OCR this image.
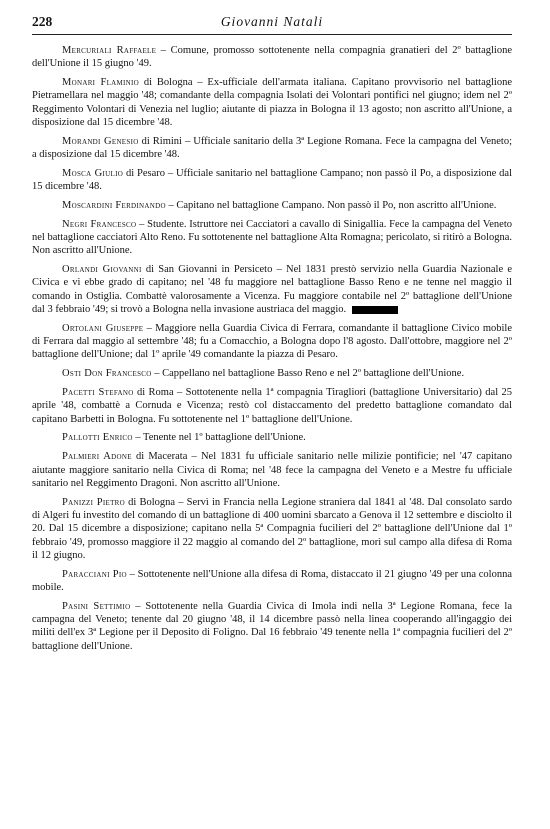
228	Giovanni Natali

Mercuriali Raffaele – Comune, promosso sottotenente nella compagnia granatieri del 2º battaglione dell'Unione il 15 giugno '49.

Monari Flaminio di Bologna – Ex-ufficiale dell'armata italiana. Capitano provvisorio nel battaglione Pietramellara nel maggio '48; comandante della compagnia Isolati dei Volontari pontifici nel giugno; idem nel 2º Reggimento Volontari di Venezia nel luglio; aiutante di piazza in Bologna il 13 agosto; non ascritto all'Unione, a disposizione dal 15 dicembre '48.

Morandi Genesio di Rimini – Ufficiale sanitario della 3ª Legione Romana. Fece la campagna del Veneto; a disposizione dal 15 dicembre '48.

Mosca Giulio di Pesaro – Ufficiale sanitario nel battaglione Campano; non passò il Po, a disposizione dal 15 dicembre '48.

Moscardini Ferdinando – Capitano nel battaglione Campano. Non passò il Po, non ascritto all'Unione.

Negri Francesco – Studente. Istruttore nei Cacciatori a cavallo di Sinigallia. Fece la campagna del Veneto nel battaglione cacciatori Alto Reno. Fu sottotenente nel battaglione Alta Romagna; pericolato, si ritirò a Bologna. Non ascritto all'Unione.

Orlandi Giovanni di San Giovanni in Persiceto – Nel 1831 prestò servizio nella Guardia Nazionale e Civica e vi ebbe grado di capitano; nel '48 fu maggiore nel battaglione Basso Reno e ne tenne nel maggio il comando in Ostiglia. Combattè valorosamente a Vicenza. Fu maggiore contabile nel 2º battaglione dell'Unione dal 3 febbraio '49; si trovò a Bologna nella invasione austriaca del maggio.

Ortolani Giuseppe – Maggiore nella Guardia Civica di Ferrara, comandante il battaglione Civico mobile di Ferrara dal maggio al settembre '48; fu a Comacchio, a Bologna dopo l'8 agosto. Dall'ottobre, maggiore nel 2º battaglione dell'Unione; dal 1º aprile '49 comandante la piazza di Pesaro.

Osti Don Francesco – Cappellano nel battaglione Basso Reno e nel 2º battaglione dell'Unione.

Pacetti Stefano di Roma – Sottotenente nella 1ª compagnia Tiragliori (battaglione Universitario) dal 25 aprile '48, combattè a Cornuda e Vicenza; restò col distaccamento del predetto battaglione comandato dal capitano Barbetti in Bologna. Fu sottotenente nel 1º battaglione dell'Unione.

Pallotti Enrico – Tenente nel 1º battaglione dell'Unione.

Palmieri Adone di Macerata – Nel 1831 fu ufficiale sanitario nelle milizie pontificie; nel '47 capitano aiutante maggiore sanitario nella Civica di Roma; nel '48 fece la campagna del Veneto e a Mestre fu ufficiale sanitario nel Reggimento Dragoni. Non ascritto all'Unione.

Panizzi Pietro di Bologna – Servì in Francia nella Legione straniera dal 1841 al '48. Dal consolato sardo di Algeri fu investito del comando di un battaglione di 400 uomini sbarcato a Genova il 12 settembre e disciolto il 20. Dal 15 dicembre a disposizione; capitano nella 5ª Compagnia fucilieri del 2º battaglione dell'Unione dal 1º febbraio '49, promosso maggiore il 22 maggio al comando del 2º battaglione, morì sul campo alla difesa di Roma il 12 giugno.

Paracciani Pio – Sottotenente nell'Unione alla difesa di Roma, distaccato il 21 giugno '49 per una colonna mobile.

Pasini Settimio – Sottotenente nella Guardia Civica di Imola indi nella 3ª Legione Romana, fece la campagna del Veneto; tenente dal 20 giugno '48, il 14 dicembre passò nella linea cooperando all'ingaggio dei militi dell'ex 3ª Legione per il Deposito di Foligno. Dal 16 febbraio '49 tenente nella 1ª compagnia fucilieri del 2º battaglione dell'Unione.
